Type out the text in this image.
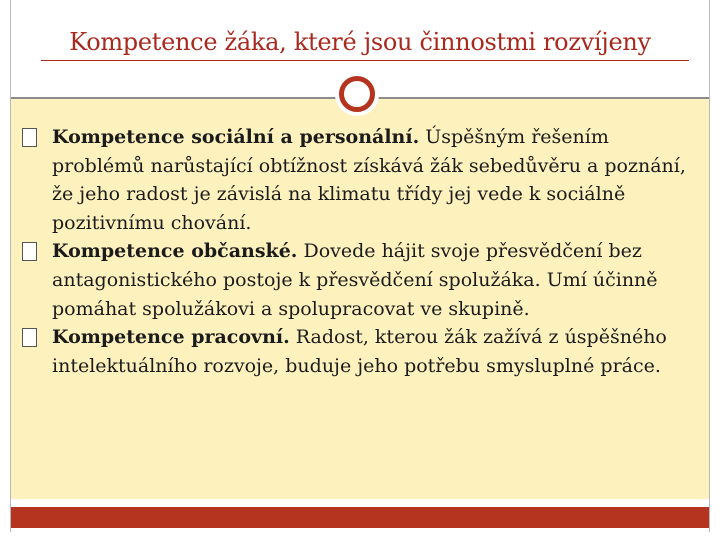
Kompetence žáka, které jsou činnostmi rozvíjeny

Kompetence sociální a personální. Úspěšným řešením problémů narůstající obtížnost získává žák sebedůvěru a poznání, že jeho radost je závislá na klimatu třídy jej vede k sociálně pozitivnímu chování.

Kompetence občanské. Dovede hájit svoje přesvědčení bez antagonistického postoje k přesvědčení spolužáka. Umí účinně pomáhat spolužákovi a spolupracovat ve skupině.

Kompetence pracovní. Radost, kterou žák zažívá z úspěšného intelektuálního rozvoje, buduje jeho potřebu smysluplné práce.
